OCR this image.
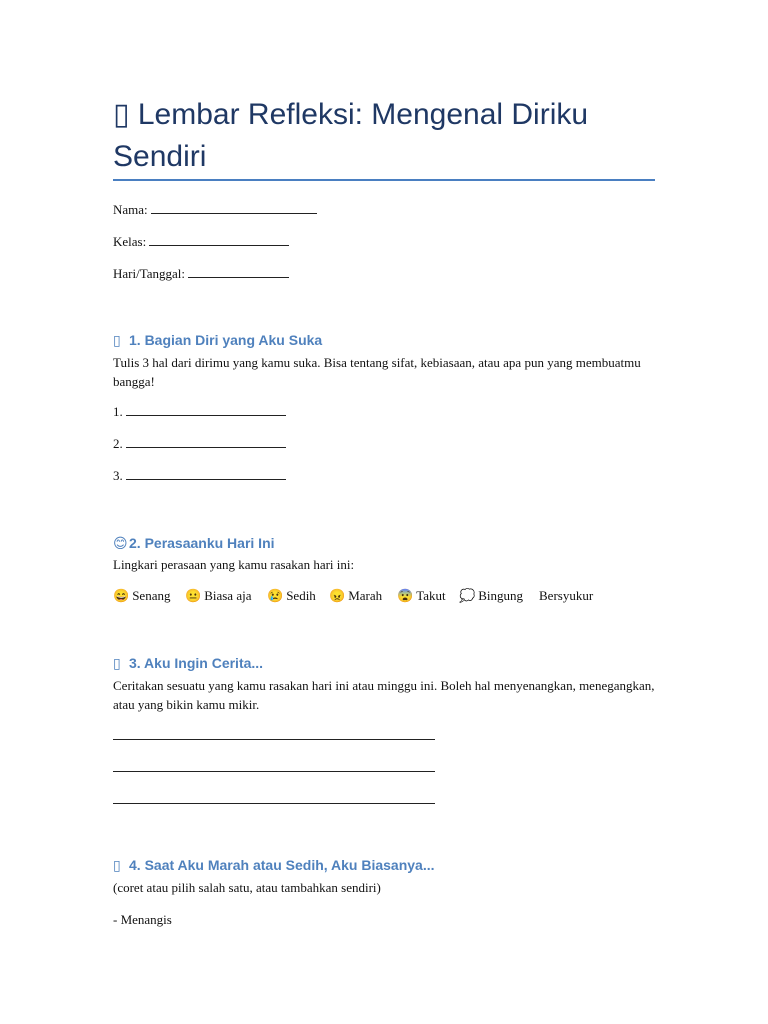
▯ Lembar Refleksi: Mengenal Diriku Sendiri
Nama:
Kelas:
Hari/Tanggal:
▯ 1. Bagian Diri yang Aku Suka

Tulis 3 hal dari dirimu yang kamu suka. Bisa tentang sifat, kebiasaan, atau apa pun yang membuatmu bangga!

1.
2.
3.
😊2. Perasaanku Hari Ini

Lingkari perasaan yang kamu rasakan hari ini:

😄 Senang 😐 Biasa aja 😢 Sedih 😠 Marah 😨 Takut 💭 Bingung Bersyukur
▯ 3. Aku Ingin Cerita...

Ceritakan sesuatu yang kamu rasakan hari ini atau minggu ini. Boleh hal menyenangkan, menegangkan, atau yang bikin kamu mikir.

▯ 4. Saat Aku Marah atau Sedih, Aku Biasanya...

(coret atau pilih salah satu, atau tambahkan sendiri)

- Menangis
